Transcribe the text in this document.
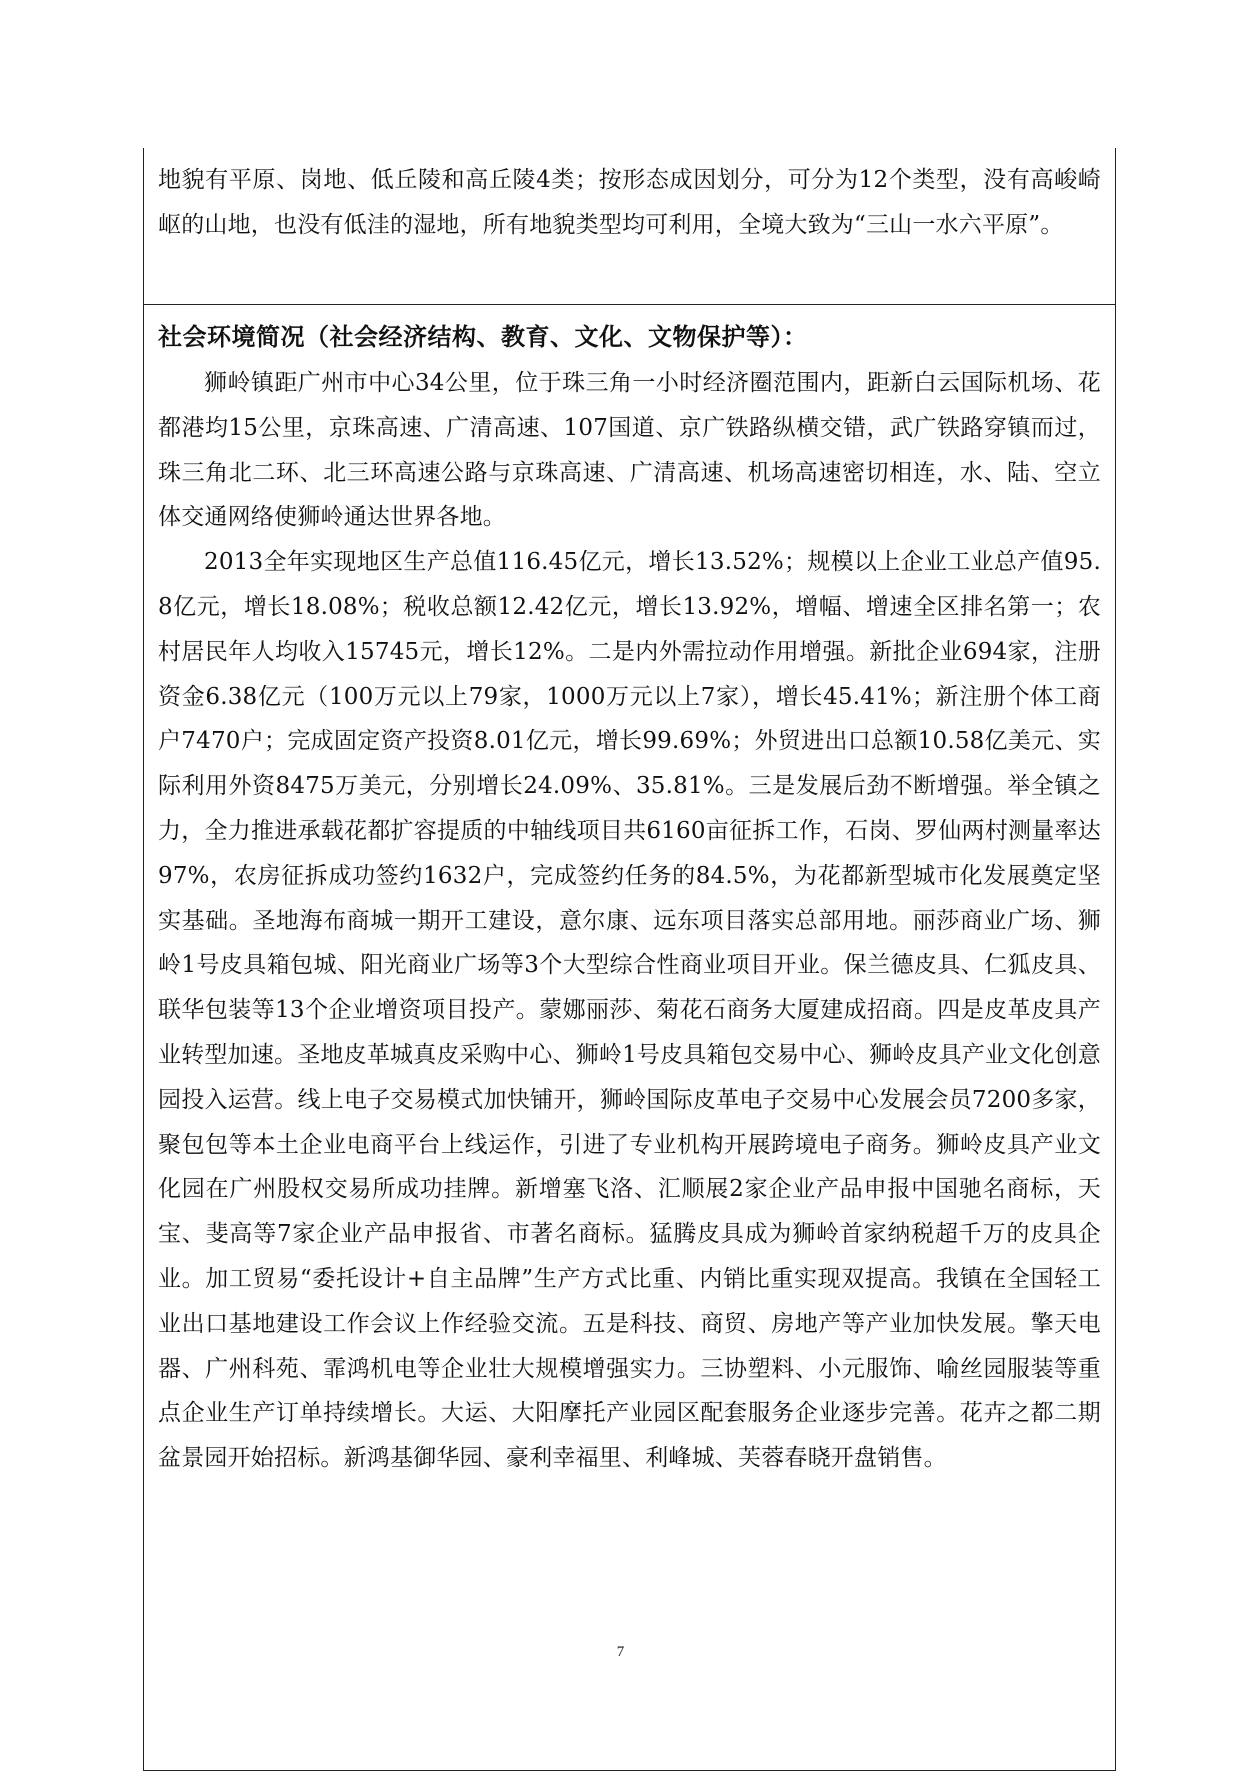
地貌有平原、岗地、低丘陵和高丘陵4类；按形态成因划分，可分为12个类型，没有高峻崎岖的山地，也没有低洼的湿地，所有地貌类型均可利用，全境大致为“三山一水六平原”。

社会环境简况（社会经济结构、教育、文化、文物保护等）：

狮岭镇距广州市中心34公里，位于珠三角一小时经济圈范围内，距新白云国际机场、花都港均15公里，京珠高速、广清高速、107国道、京广铁路纵横交错，武广铁路穿镇而过，珠三角北二环、北三环高速公路与京珠高速、广清高速、机场高速密切相连，水、陆、空立体交通网络使狮岭通达世界各地。

2013全年实现地区生产总值116.45亿元，增长13.52%；规模以上企业工业总产值95.8亿元，增长18.08%；税收总额12.42亿元，增长13.92%，增幅、增速全区排名第一；农村居民年人均收入15745元，增长12%。二是内外需拉动作用增强。新批企业694家，注册资金6.38亿元（100万元以上79家，1000万元以上7家），增长45.41%；新注册个体工商户7470户；完成固定资产投资8.01亿元，增长99.69%；外贸进出口总额10.58亿美元、实际利用外资8475万美元，分别增长24.09%、35.81%。三是发展后劲不断增强。举全镇之力，全力推进承载花都扩容提质的中轴线项目共6160亩征拆工作，石岗、罗仙两村测量率达97%，农房征拆成功签约1632户，完成签约任务的84.5%，为花都新型城市化发展奠定坚实基础。圣地海布商城一期开工建设，意尔康、远东项目落实总部用地。丽莎商业广场、狮岭1号皮具箱包城、阳光商业广场等3个大型综合性商业项目开业。保兰德皮具、仁狐皮具、联华包装等13个企业增资项目投产。蒙娜丽莎、菊花石商务大厦建成招商。四是皮革皮具产业转型加速。圣地皮革城真皮采购中心、狮岭1号皮具箱包交易中心、狮岭皮具产业文化创意园投入运营。线上电子交易模式加快铺开，狮岭国际皮革电子交易中心发展会员7200多家，聚包包等本土企业电商平台上线运作，引进了专业机构开展跨境电子商务。狮岭皮具产业文化园在广州股权交易所成功挂牌。新增塞飞洛、汇顺展2家企业产品申报中国驰名商标，天宝、斐高等7家企业产品申报省、市著名商标。猛腾皮具成为狮岭首家纳税超千万的皮具企业。加工贸易“委托设计+自主品牌”生产方式比重、内销比重实现双提高。我镇在全国轻工业出口基地建设工作会议上作经验交流。五是科技、商贸、房地产等产业加快发展。擎天电器、广州科苑、霏鸿机电等企业壮大规模增强实力。三协塑料、小元服饰、喻丝园服装等重点企业生产订单持续增长。大运、大阳摩托产业园区配套服务企业逐步完善。花卉之都二期盆景园开始招标。新鸿基御华园、豪利幸福里、利峰城、芙蓉春晓开盘销售。

7
